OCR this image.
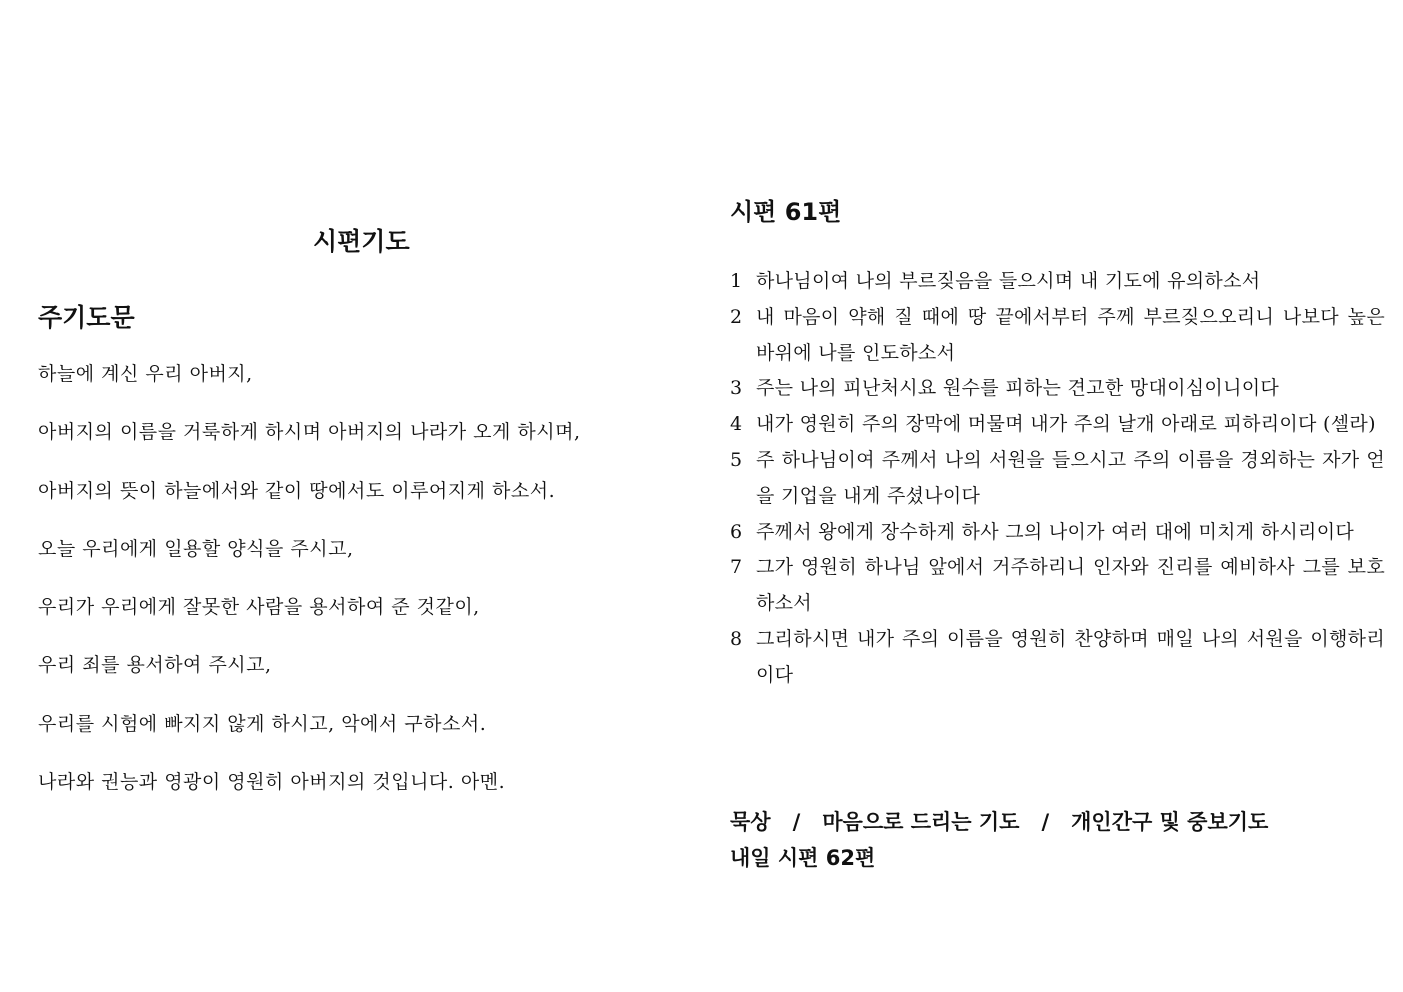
시편기도
주기도문
하늘에 계신 우리 아버지,
아버지의 이름을 거룩하게 하시며 아버지의 나라가 오게 하시며,
아버지의 뜻이 하늘에서와 같이 땅에서도 이루어지게 하소서.
오늘 우리에게 일용할 양식을 주시고,
우리가 우리에게 잘못한 사람을 용서하여 준 것같이,
우리 죄를 용서하여 주시고,
우리를 시험에 빠지지 않게 하시고, 악에서 구하소서.
나라와 권능과 영광이 영원히 아버지의 것입니다. 아멘.
시편 61편
1 하나님이여 나의 부르짖음을 들으시며 내 기도에 유의하소서
2 내 마음이 약해 질 때에 땅 끝에서부터 주께 부르짖으오리니 나보다 높은 바위에 나를 인도하소서
3 주는 나의 피난처시요 원수를 피하는 견고한 망대이심이니이다
4 내가 영원히 주의 장막에 머물며 내가 주의 날개 아래로 피하리이다 (셀라)
5 주 하나님이여 주께서 나의 서원을 들으시고 주의 이름을 경외하는 자가 얻을 기업을 내게 주셨나이다
6 주께서 왕에게 장수하게 하사 그의 나이가 여러 대에 미치게 하시리이다
7 그가 영원히 하나님 앞에서 거주하리니 인자와 진리를 예비하사 그를 보호하소서
8 그리하시면 내가 주의 이름을 영원히 찬양하며 매일 나의 서원을 이행하리이다
묵상 / 마음으로 드리는 기도 / 개인간구 및 중보기도
내일 시편 62편
